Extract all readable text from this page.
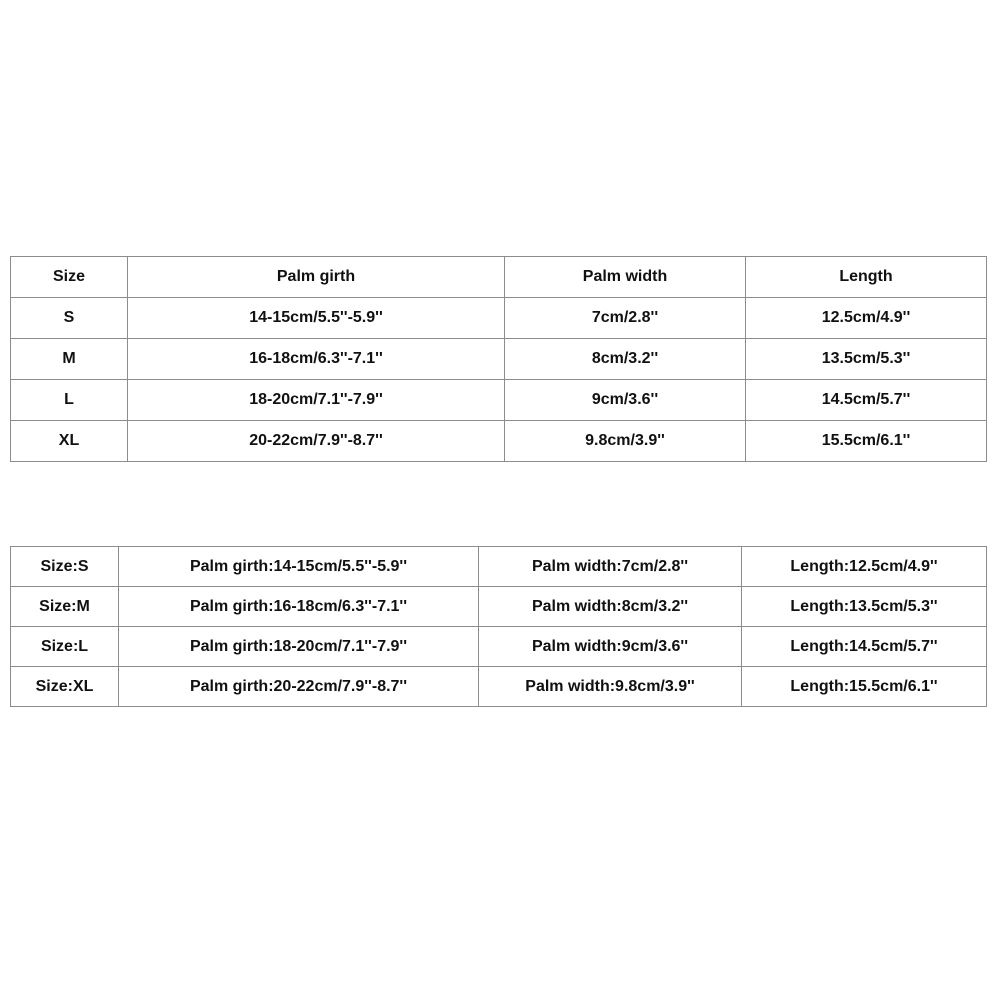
Size	Palm girth	Palm width	Length
S	14-15cm/5.5''-5.9''	7cm/2.8''	12.5cm/4.9''
M	16-18cm/6.3''-7.1''	8cm/3.2''	13.5cm/5.3''
L	18-20cm/7.1''-7.9''	9cm/3.6''	14.5cm/5.7''
XL	20-22cm/7.9''-8.7''	9.8cm/3.9''	15.5cm/6.1''
Size:S	Palm girth:14-15cm/5.5''-5.9''	Palm width:7cm/2.8''	Length:12.5cm/4.9''
Size:M	Palm girth:16-18cm/6.3''-7.1''	Palm width:8cm/3.2''	Length:13.5cm/5.3''
Size:L	Palm girth:18-20cm/7.1''-7.9''	Palm width:9cm/3.6''	Length:14.5cm/5.7''
Size:XL	Palm girth:20-22cm/7.9''-8.7''	Palm width:9.8cm/3.9''	Length:15.5cm/6.1''
